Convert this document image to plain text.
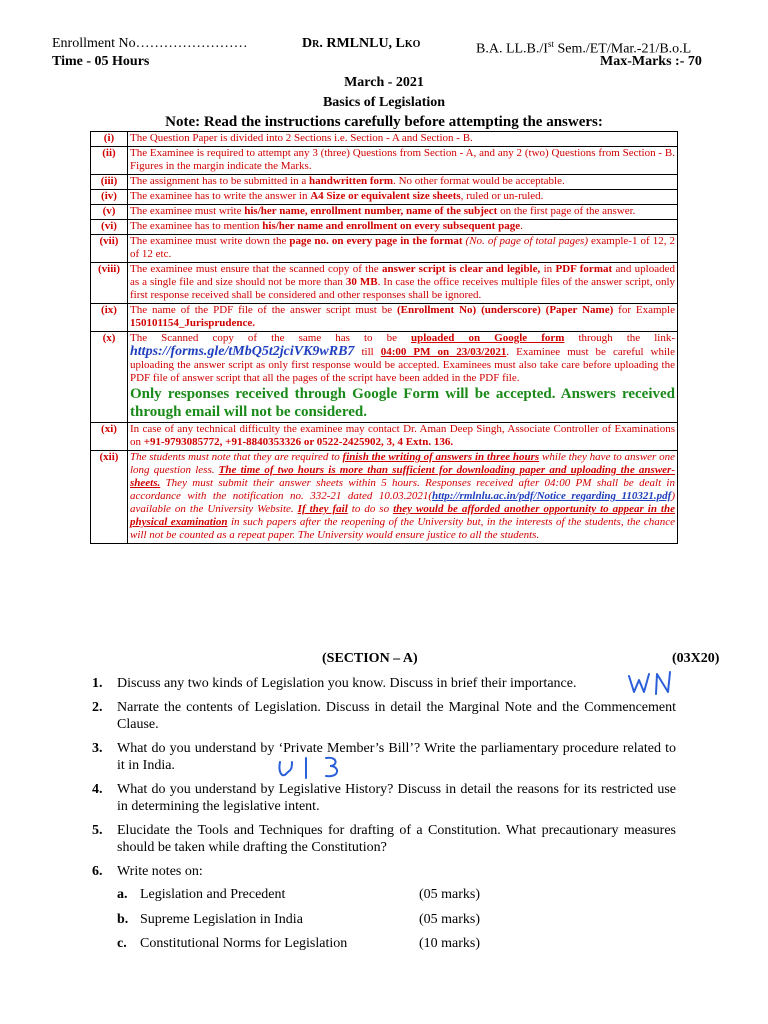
Enrollment No……………………	Dr. RMLNLU, Lko	B.A. LL.B./Ist Sem./ET/Mar.-21/B.o.L
Time - 05 Hours	Max-Marks :- 70
March - 2021
Basics of Legislation
Note: Read the instructions carefully before attempting the answers:
(i)	The Question Paper is divided into 2 Sections i.e. Section - A and Section - B.
(ii)	The Examinee is required to attempt any 3 (three) Questions from Section - A, and any 2 (two) Questions from Section - B. Figures in the margin indicate the Marks.
(iii)	The assignment has to be submitted in a handwritten form. No other format would be acceptable.
(iv)	The examinee has to write the answer in A4 Size or equivalent size sheets, ruled or un-ruled.
(v)	The examinee must write his/her name, enrollment number, name of the subject on the first page of the answer.
(vi)	The examinee has to mention his/her name and enrollment on every subsequent page.
(vii)	The examinee must write down the page no. on every page in the format (No. of page of total pages) example-1 of 12, 2 of 12 etc.
(viii)	The examinee must ensure that the scanned copy of the answer script is clear and legible, in PDF format and uploaded as a single file and size should not be more than 30 MB. In case the office receives multiple files of the answer script, only first response received shall be considered and other responses shall be ignored.
(ix)	The name of the PDF file of the answer script must be (Enrollment No) (underscore) (Paper Name) for Example 150101154_Jurisprudence.
(x)	The Scanned copy of the same has to be uploaded on Google form through the link- https://forms.gle/tMbQ5t2jciVK9wRB7 till 04:00 PM on 23/03/2021. Examinee must be careful while uploading the answer script as only first response would be accepted. Examinees must also take care before uploading the PDF file of answer script that all the pages of the script have been added in the PDF file.
Only responses received through Google Form will be accepted. Answers received through email will not be considered.

(xi)	In case of any technical difficulty the examinee may contact Dr. Aman Deep Singh, Associate Controller of Examinations on +91-9793085772, +91-8840353326 or 0522-2425902, 3, 4 Extn. 136.
(xii)	The students must note that they are required to finish the writing of answers in three hours while they have to answer one long question less. The time of two hours is more than sufficient for downloading paper and uploading the answer-sheets. They must submit their answer sheets within 5 hours. Responses received after 04:00 PM shall be dealt in accordance with the notification no. 332-21 dated 10.03.2021(http://rmlnlu.ac.in/pdf/Notice_regarding_110321.pdf) available on the University Website. If they fail to do so they would be afforded another opportunity to appear in the physical examination in such papers after the reopening of the University but, in the interests of the students, the chance will not be counted as a repeat paper. The University would ensure justice to all the students.
(SECTION – A)	(03X20)
1. Discuss any two kinds of Legislation you know. Discuss in brief their importance.
2. Narrate the contents of Legislation. Discuss in detail the Marginal Note and the Commencement Clause.
3. What do you understand by ‘Private Member’s Bill’? Write the parliamentary procedure related to it in India.
4. What do you understand by Legislative History? Discuss in detail the reasons for its restricted use in determining the legislative intent.
5. Elucidate the Tools and Techniques for drafting of a Constitution. What precautionary measures should be taken while drafting the Constitution?
6. Write notes on:
a. Legislation and Precedent	(05 marks)
b. Supreme Legislation in India	(05 marks)
c. Constitutional Norms for Legislation	(10 marks)
